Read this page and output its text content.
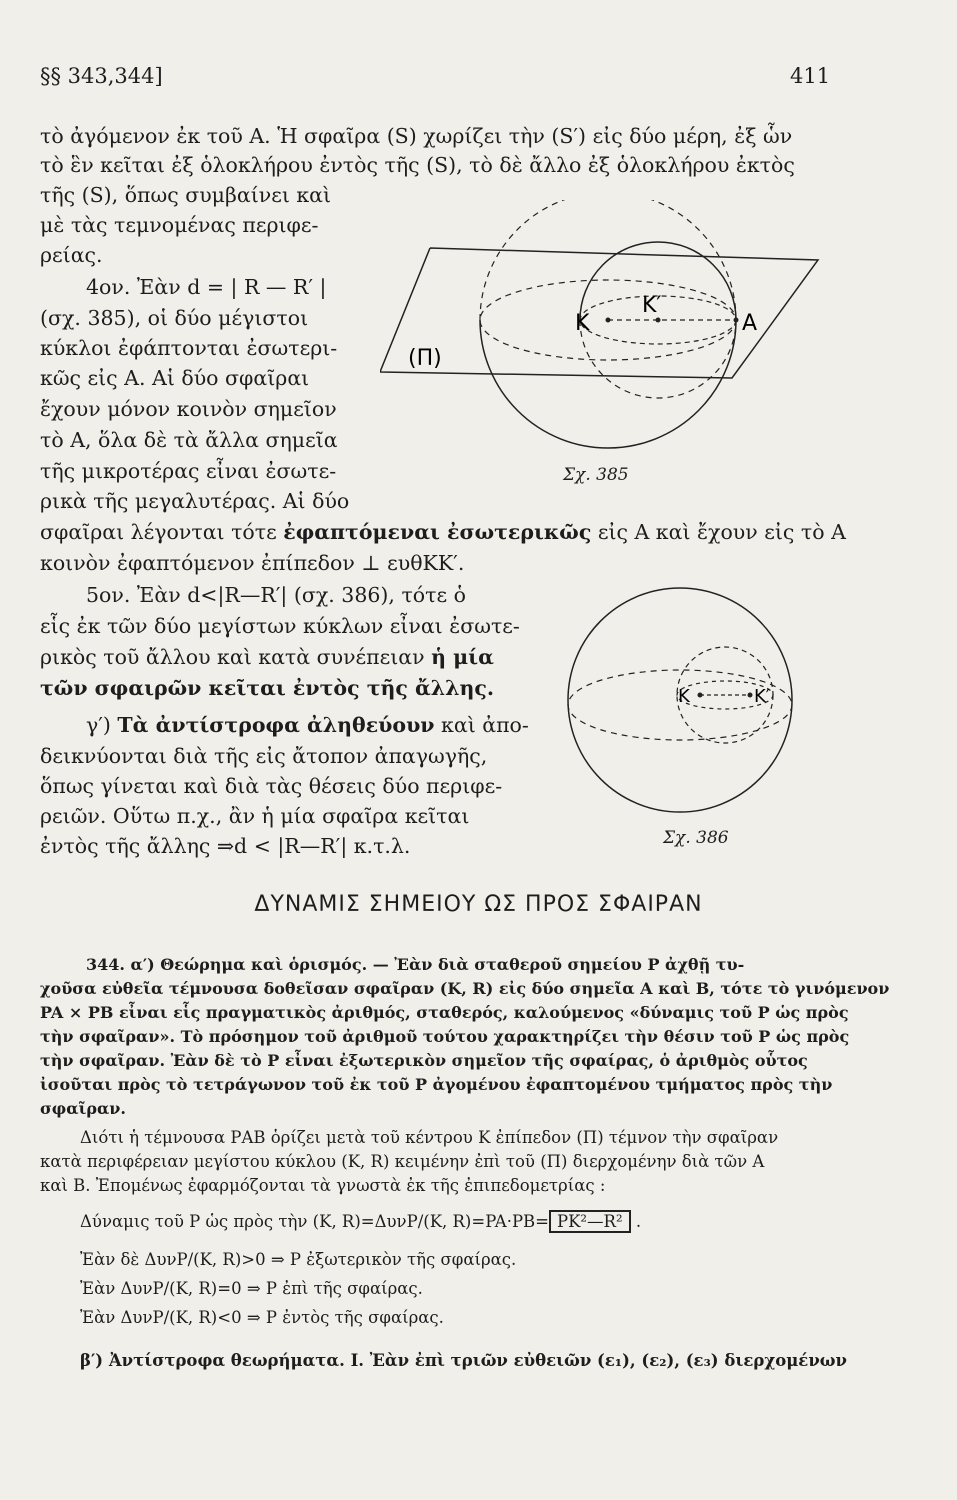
§§ 343,344]	411
τὸ ἀγόμενον ἐκ τοῦ Α. Ἡ σφαῖρα (S) χωρίζει τὴν (S′) εἰς δύο μέρη, ἐξ ὧν
τὸ ἓν κεῖται ἐξ ὁλοκλήρου ἐντὸς τῆς (S), τὸ δὲ ἄλλο ἐξ ὁλοκλήρου ἐκτὸς
τῆς (S), ὅπως συμβαίνει καὶ
μὲ τὰς τεμνομένας περιφε-
ρείας.
4ον. Ἐὰν d = | R — R′ |
(σχ. 385), οἱ δύο μέγιστοι
κύκλοι ἐφάπτονται ἐσωτερι-
κῶς εἰς Α. Αἱ δύο σφαῖραι
ἔχουν μόνον κοινὸν σημεῖον
τὸ Α, ὅλα δὲ τὰ ἄλλα σημεῖα
τῆς μικροτέρας εἶναι ἐσωτε-
ρικὰ τῆς μεγαλυτέρας. Αἱ δύο
σφαῖραι λέγονται τότε ἐφαπτόμεναι ἐσωτερικῶς εἰς Α καὶ ἔχουν εἰς τὸ Α
κοινὸν ἐφαπτόμενον ἐπίπεδον ⊥ ευθΚΚ′.
5ον. Ἐὰν d<|R—R′| (σχ. 386), τότε ὁ
εἷς ἐκ τῶν δύο μεγίστων κύκλων εἶναι ἐσωτε-
ρικὸς τοῦ ἄλλου καὶ κατὰ συνέπειαν ἡ μία
τῶν σφαιρῶν κεῖται ἐντὸς τῆς ἄλλης.
γ′) Τὰ ἀντίστροφα ἀληθεύουν καὶ ἀπο-
δεικνύονται διὰ τῆς εἰς ἄτοπον ἀπαγωγῆς,
ὅπως γίνεται καὶ διὰ τὰς θέσεις δύο περιφε-
ρειῶν. Οὕτω π.χ., ἂν ἡ μία σφαῖρα κεῖται
ἐντὸς τῆς ἄλλης ⇒d < |R—R′| κ.τ.λ.
(Π)
K
K′
A
Σχ. 385
K	K′
Σχ. 386
ΔΥΝΑΜΙΣ ΣΗΜΕΙΟΥ ΩΣ ΠΡΟΣ ΣΦΑΙΡΑΝ
344. α′) Θεώρημα καὶ ὁρισμός. — Ἐὰν διὰ σταθεροῦ σημείου Ρ ἀχθῇ τυ-
χοῦσα εὐθεῖα τέμνουσα δοθεῖσαν σφαῖραν (Κ, R) εἰς δύο σημεῖα Α καὶ Β, τότε τὸ γινόμενον
PA × PB εἶναι εἷς πραγματικὸς ἀριθμός, σταθερός, καλούμενος «δύναμις τοῦ Ρ ὡς πρὸς
τὴν σφαῖραν». Τὸ πρόσημον τοῦ ἀριθμοῦ τούτου χαρακτηρίζει τὴν θέσιν τοῦ Ρ ὡς πρὸς
τὴν σφαῖραν. Ἐὰν δὲ τὸ Ρ εἶναι ἐξωτερικὸν σημεῖον τῆς σφαίρας, ὁ ἀριθμὸς οὗτος
ἰσοῦται πρὸς τὸ τετράγωνον τοῦ ἐκ τοῦ Ρ ἀγομένου ἐφαπτομένου τμήματος πρὸς τὴν
σφαῖραν.
Διότι ἡ τέμνουσα ΡΑΒ ὁρίζει μετὰ τοῦ κέντρου Κ ἐπίπεδον (Π) τέμνον τὴν σφαῖραν
κατὰ περιφέρειαν μεγίστου κύκλου (Κ, R) κειμένην ἐπὶ τοῦ (Π) διερχομένην διὰ τῶν Α
καὶ Β. Ἐπομένως ἐφαρμόζονται τὰ γνωστὰ ἐκ τῆς ἐπιπεδομετρίας :
Δύναμις τοῦ Ρ ὡς πρὸς τὴν (Κ, R)=ΔυνΡ/(Κ, R)=PA·PB= PK²—R² .
Ἐὰν δὲ ΔυνΡ/(Κ, R)>0 ⇒ Ρ ἐξωτερικὸν τῆς σφαίρας.
Ἐὰν ΔυνΡ/(Κ, R)=0 ⇒ Ρ ἐπὶ τῆς σφαίρας.
Ἐὰν ΔυνΡ/(Κ, R)<0 ⇒ Ρ ἐντὸς τῆς σφαίρας.
β′) Ἀντίστροφα θεωρήματα. Ι. Ἐὰν ἐπὶ τριῶν εὐθειῶν (ε₁), (ε₂), (ε₃) διερχομένων
